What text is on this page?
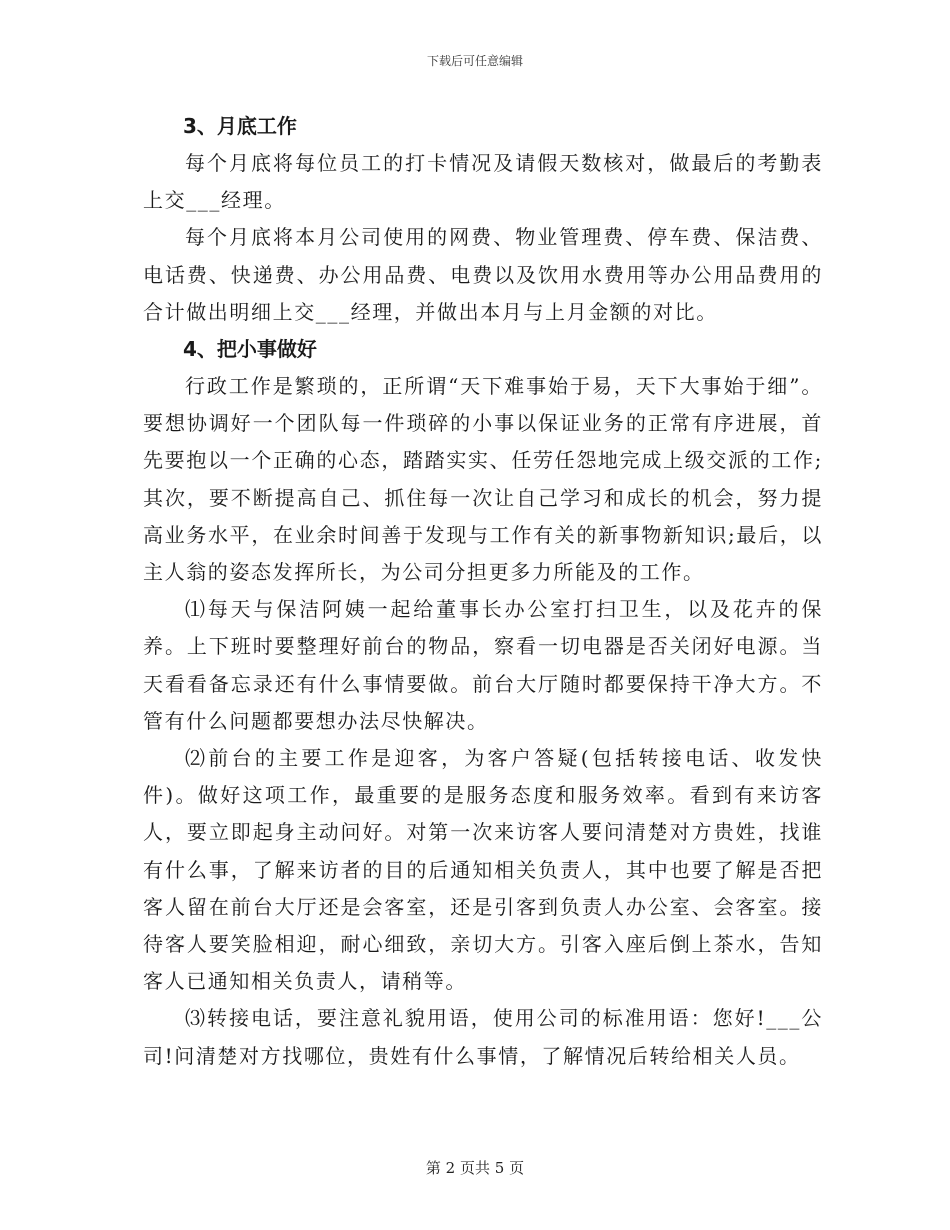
下载后可任意编辑

3、月底工作

每个月底将每位员工的打卡情况及请假天数核对，做最后的考勤表上交___经理。

每个月底将本月公司使用的网费、物业管理费、停车费、保洁费、电话费、快递费、办公用品费、电费以及饮用水费用等办公用品费用的合计做出明细上交___经理，并做出本月与上月金额的对比。

4、把小事做好

行政工作是繁琐的，正所谓“天下难事始于易，天下大事始于细”。要想协调好一个团队每一件琐碎的小事以保证业务的正常有序进展，首先要抱以一个正确的心态，踏踏实实、任劳任怨地完成上级交派的工作;其次，要不断提高自己、抓住每一次让自己学习和成长的机会，努力提高业务水平，在业余时间善于发现与工作有关的新事物新知识;最后，以主人翁的姿态发挥所长，为公司分担更多力所能及的工作。

⑴每天与保洁阿姨一起给董事长办公室打扫卫生，以及花卉的保养。上下班时要整理好前台的物品，察看一切电器是否关闭好电源。当天看看备忘录还有什么事情要做。前台大厅随时都要保持干净大方。不管有什么问题都要想办法尽快解决。

⑵前台的主要工作是迎客，为客户答疑(包括转接电话、收发快件)。做好这项工作，最重要的是服务态度和服务效率。看到有来访客人，要立即起身主动问好。对第一次来访客人要问清楚对方贵姓，找谁有什么事，了解来访者的目的后通知相关负责人，其中也要了解是否把客人留在前台大厅还是会客室，还是引客到负责人办公室、会客室。接待客人要笑脸相迎，耐心细致，亲切大方。引客入座后倒上茶水，告知客人已通知相关负责人，请稍等。

⑶转接电话，要注意礼貌用语，使用公司的标准用语：您好!___公司!问清楚对方找哪位，贵姓有什么事情，了解情况后转给相关人员。

第 2 页共 5 页
